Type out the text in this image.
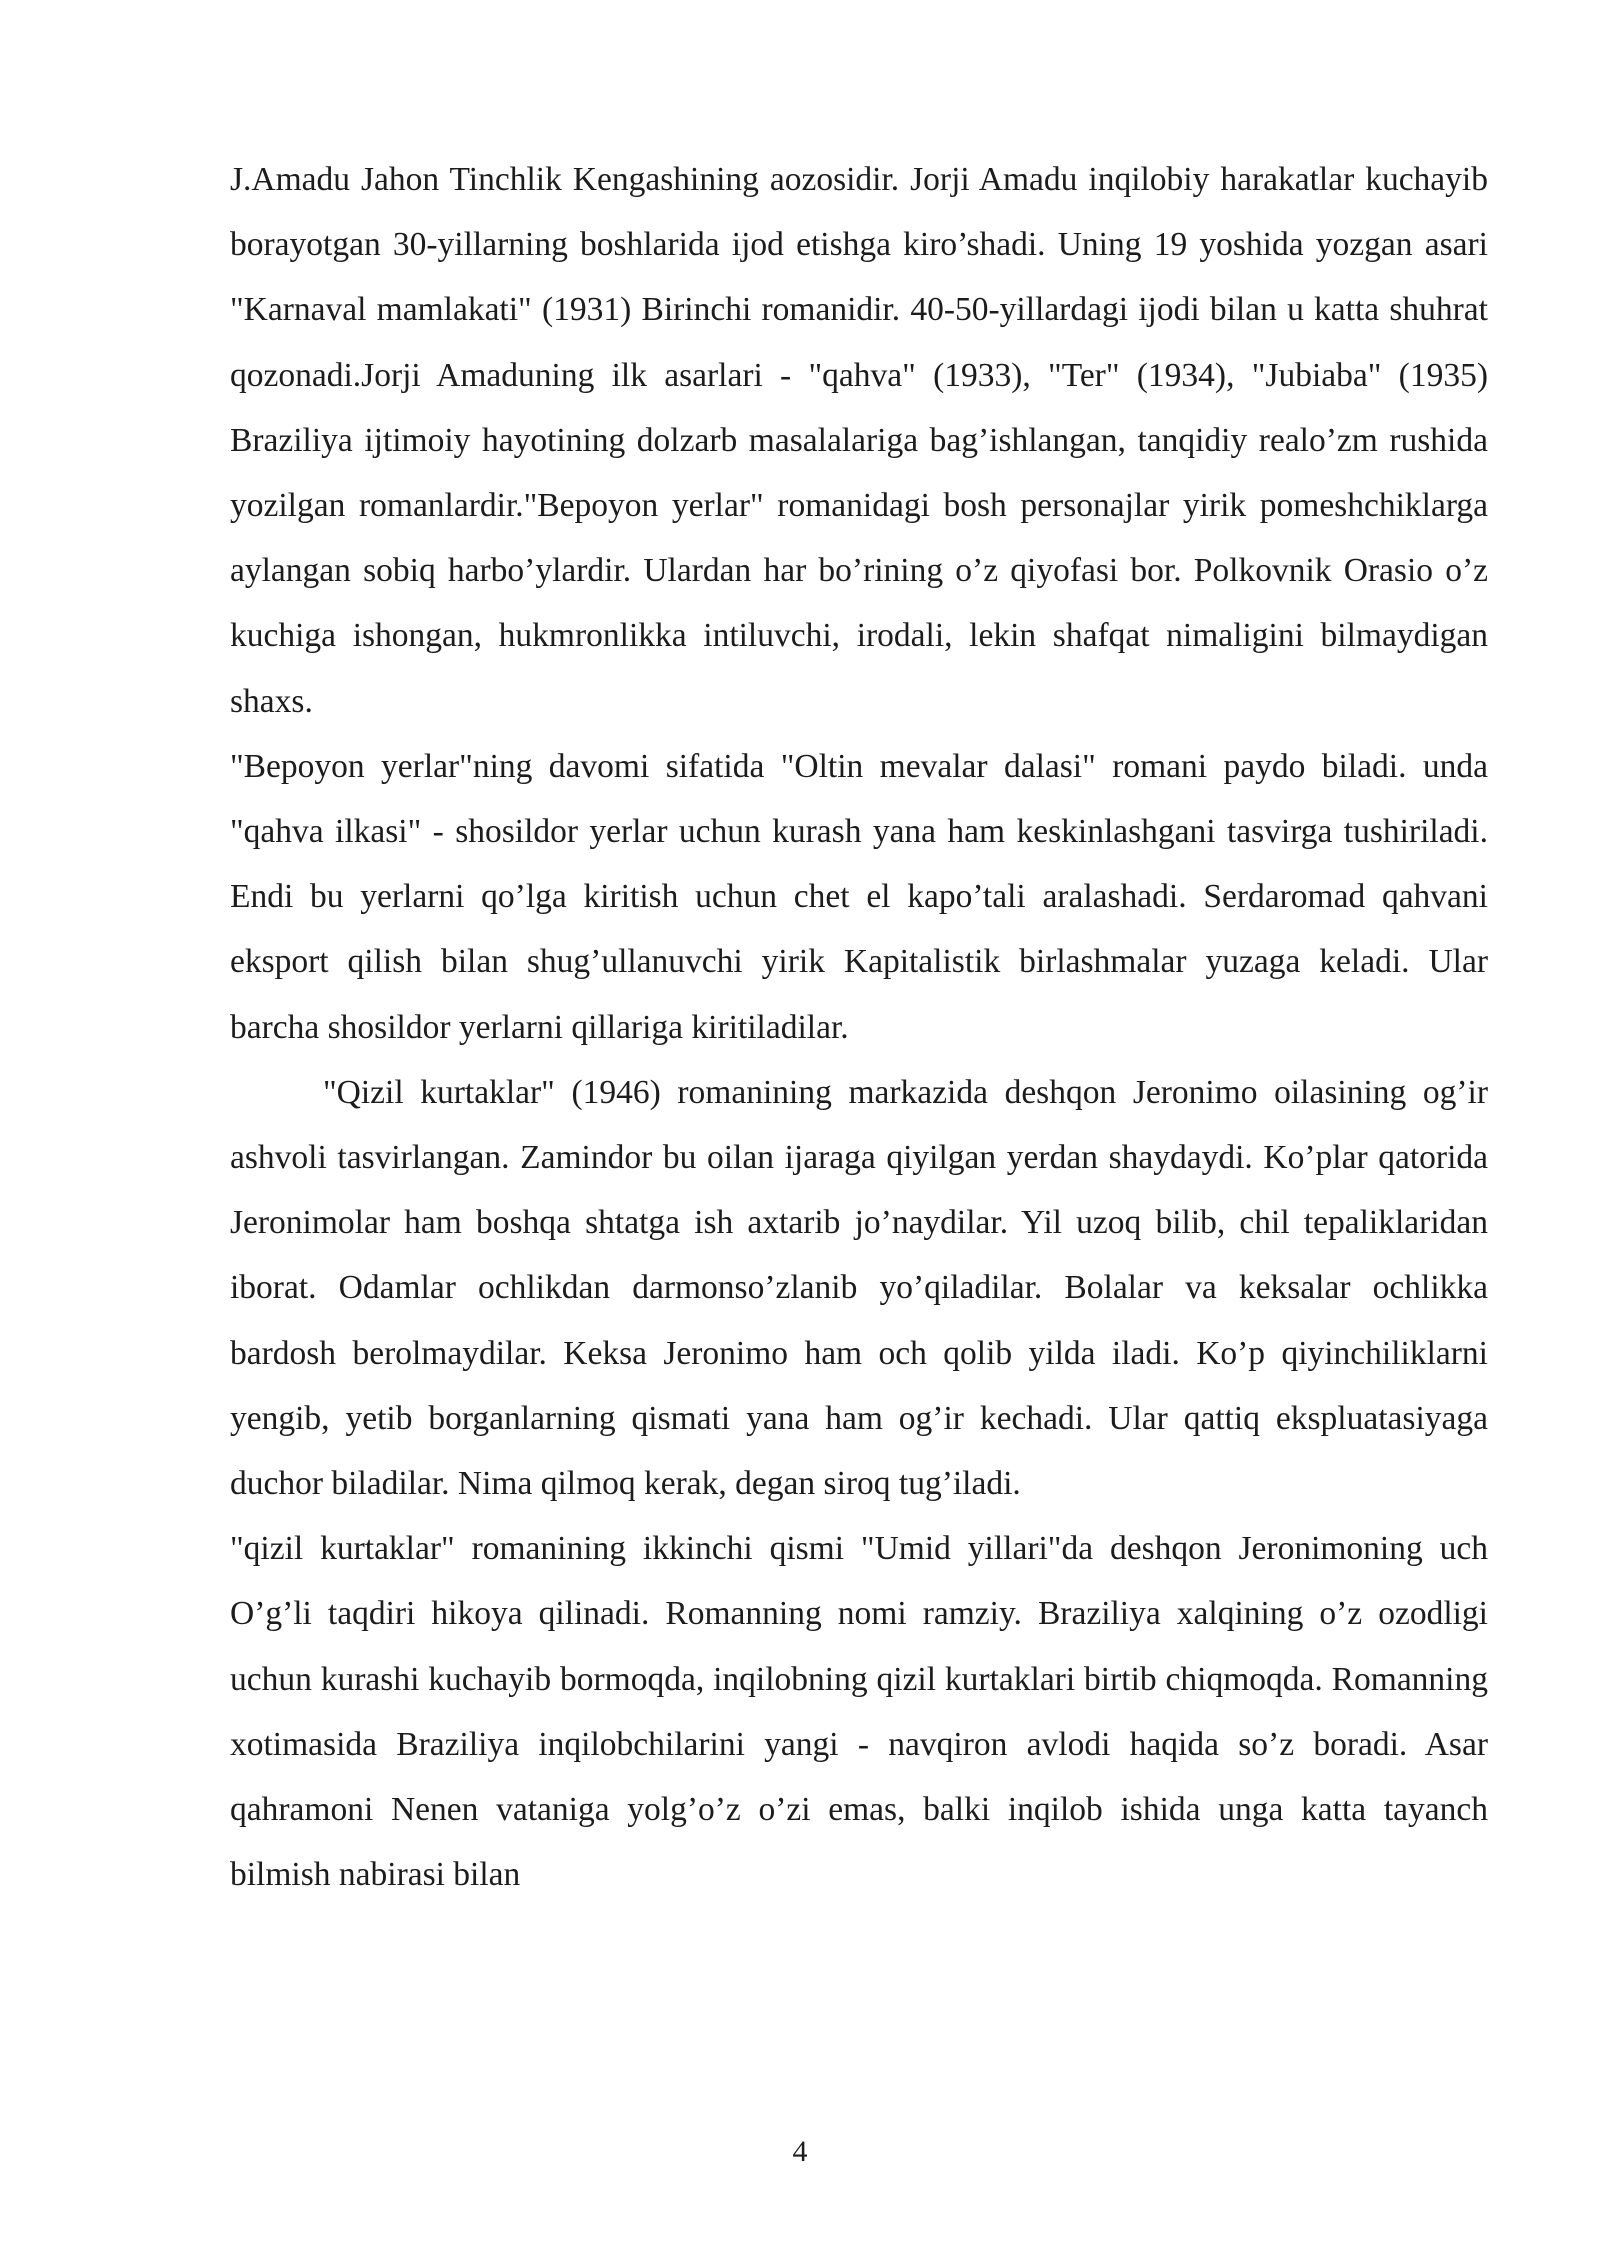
J.Amadu Jahon Tinchlik Kengashining aozosidir. Jorji Amadu inqilobiy harakatlar kuchayib borayotgan 30-yillarning boshlarida ijod etishga kiro’shadi. Uning 19 yoshida yozgan asari "Karnaval mamlakati" (1931) Birinchi romanidir. 40-50-yillardagi ijodi bilan u katta shuhrat qozonadi.Jorji Amaduning ilk asarlari - "qahva" (1933), "Ter" (1934), "Jubiaba" (1935) Braziliya ijtimoiy hayotining dolzarb masalalariga bag’ishlangan, tanqidiy realo’zm rushida yozilgan romanlardir."Bepoyon yerlar" romanidagi bosh personajlar yirik pomeshchiklarga aylangan sobiq harbo’ylardir. Ulardan har bo’rining o’z qiyofasi bor. Polkovnik Orasio o’z kuchiga ishongan, hukmronlikka intiluvchi, irodali, lekin shafqat nimaligini bilmaydigan shaxs.

"Bepoyon yerlar"ning davomi sifatida "Oltin mevalar dalasi" romani paydo biladi. unda "qahva ilkasi" - shosildor yerlar uchun kurash yana ham keskinlashgani tasvirga tushiriladi. Endi bu yerlarni qo’lga kiritish uchun chet el kapo’tali aralashadi. Serdaromad qahvani eksport qilish bilan shug’ullanuvchi yirik Kapitalistik birlashmalar yuzaga keladi. Ular barcha shosildor yerlarni qillariga kiritiladilar.

"Qizil kurtaklar" (1946) romanining markazida deshqon Jeronimo oilasining og’ir ashvoli tasvirlangan. Zamindor bu oilan ijaraga qiyilgan yerdan shaydaydi. Ko’plar qatorida Jeronimolar ham boshqa shtatga ish axtarib jo’naydilar. Yil uzoq bilib, chil tepaliklaridan iborat. Odamlar ochlikdan darmonso’zlanib yo’qiladilar. Bolalar va keksalar ochlikka bardosh berolmaydilar. Keksa Jeronimo ham och qolib yilda iladi. Ko’p qiyinchiliklarni yengib, yetib borganlarning qismati yana ham og’ir kechadi. Ular qattiq ekspluatasiyaga duchor biladilar. Nima qilmoq kerak, degan siroq tug’iladi.

"qizil kurtaklar" romanining ikkinchi qismi "Umid yillari"da deshqon Jeronimoning uch O’g’li taqdiri hikoya qilinadi. Romanning nomi ramziy. Braziliya xalqining o’z ozodligi uchun kurashi kuchayib bormoqda, inqilobning qizil kurtaklari birtib chiqmoqda. Romanning xotimasida Braziliya inqilobchilarini yangi - navqiron avlodi haqida so’z boradi. Asar qahramoni Nenen vataniga yolg’o’z o’zi emas, balki inqilob ishida unga katta tayanch bilmish nabirasi bilan

4
